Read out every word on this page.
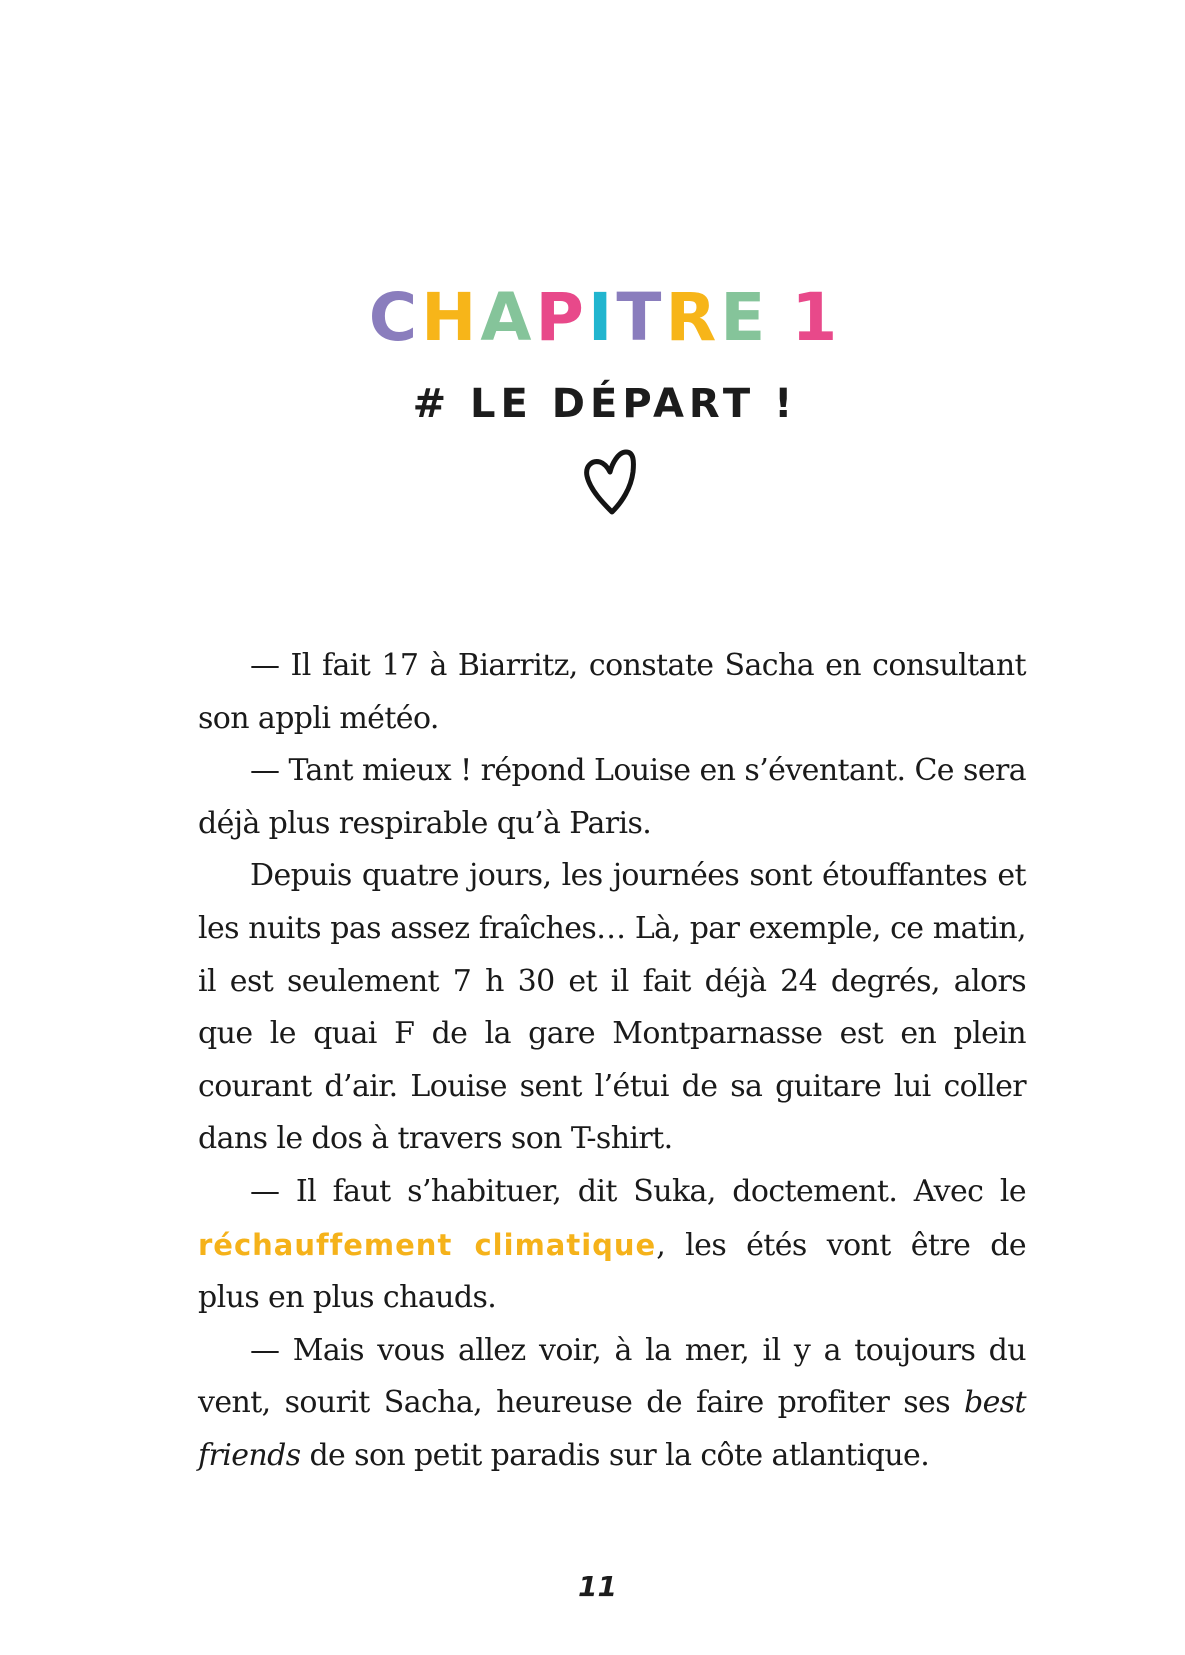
CHAPITRE 1
# LE DÉPART !

— Il fait 17 à Biarritz, constate Sacha en consultant son appli météo.

— Tant mieux ! répond Louise en s’éventant. Ce sera déjà plus respirable qu’à Paris.

Depuis quatre jours, les journées sont étouffantes et les nuits pas assez fraîches… Là, par exemple, ce matin, il est seulement 7 h 30 et il fait déjà 24 degrés, alors que le quai F de la gare Montparnasse est en plein courant d’air. Louise sent l’étui de sa guitare lui coller dans le dos à travers son T-shirt.

— Il faut s’habituer, dit Suka, doctement. Avec le réchauffement climatique, les étés vont être de plus en plus chauds.

— Mais vous allez voir, à la mer, il y a toujours du vent, sourit Sacha, heureuse de faire profiter ses best friends de son petit paradis sur la côte atlantique.

11
